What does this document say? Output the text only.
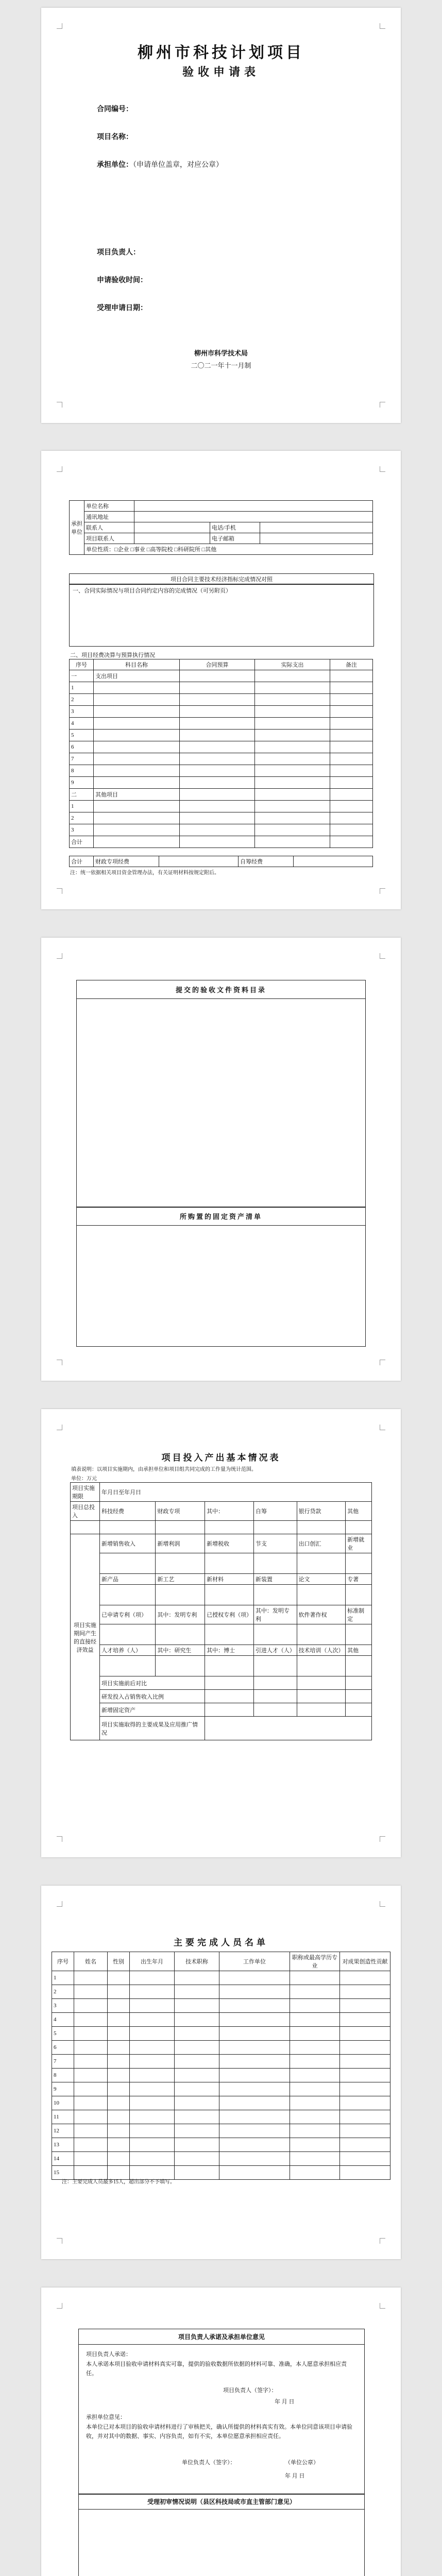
柳州市科技计划项目
验收申请表
合同编号：
项目名称：
承担单位：（申请单位盖章，对应公章）
项目负责人：
申请验收时间：
受理申请日期：
柳州市科学技术局
二〇二一年十一月制
承担单位	单位名称			
	通讯地址			
	联系人		电话/手机	
	项目联系人		电子邮箱	
	单位性质：□企业 □事业 □高等院校 □科研院所 □其他			
项目合同主要技术经济指标完成情况对照
一、合同实际情况与项目合同约定内容的完成情况（可另附页）
二、项目经费决算与预算执行情况
序号	科目名称	合同预算	实际支出	备注
一	支出项目			
1				
2				
3				
4				
5				
6				
7				
8				
9				
二	其他项目			
1				
2				
3				
合计				
合计	财政专项经费		自筹经费	
注：统一依据相关项目资金管理办法，有关证明材料按规定附后。
提交的验收文件资料目录
所购置的固定资产清单
项目投入产出基本情况表
填表说明：以项目实施期内，由承担单位和项目组共同完成的工作量为统计范围。
单位：万元
项目实施期限	年月日至年月日					
项目总投入	科技经费	财政专项	其中：	自筹	银行贷款	其他

项目实施期间产生的直接经济效益	新增销售收入	新增利润	新增税收	节支	出口创汇	新增就业

	新产品	新工艺	新材料	新装置	论文	专著

	已申请专利（项）	其中：发明专利	已授权专利（项）	其中：发明专利	软件著作权	标准制定

	人才培养（人）	其中：研究生	其中：博士	引进人才（人）	技术培训（人次）	其他

	项目实施前后对比					
	研发投入占销售收入比例					
	新增固定资产					
	项目实施取得的主要成果及应用推广情况					
主要完成人员名单
序号	姓名	性别	出生年月	技术职称	工作单位	职称或最高学历专业	对成果创造性贡献
1							
2							
3							
4							
5							
6							
7							
8							
9							
10							
11							
12							
13							
14							
15							
注：主要完成人员最多15人，超出部分不予填写。
项目负责人承诺及承担单位意见
项目负责人承诺：
本人承诺本项目验收申请材料真实可靠，提供的验收数据所依据的材料可靠、准确，本人愿意承担相应责任。
项目负责人（签字）：
年 月 日
承担单位意见：
本单位已对本项目的验收申请材料进行了审核把关，确认所提供的材料真实有效。本单位同意该项目申请验收，并对其中的数据、事实、内容负责，如有不实，本单位愿意承担相应责任。
单位负责人（签字）：	（单位公章）
年 月 日
受理初审情况说明（县区科技局或市直主管部门意见）
